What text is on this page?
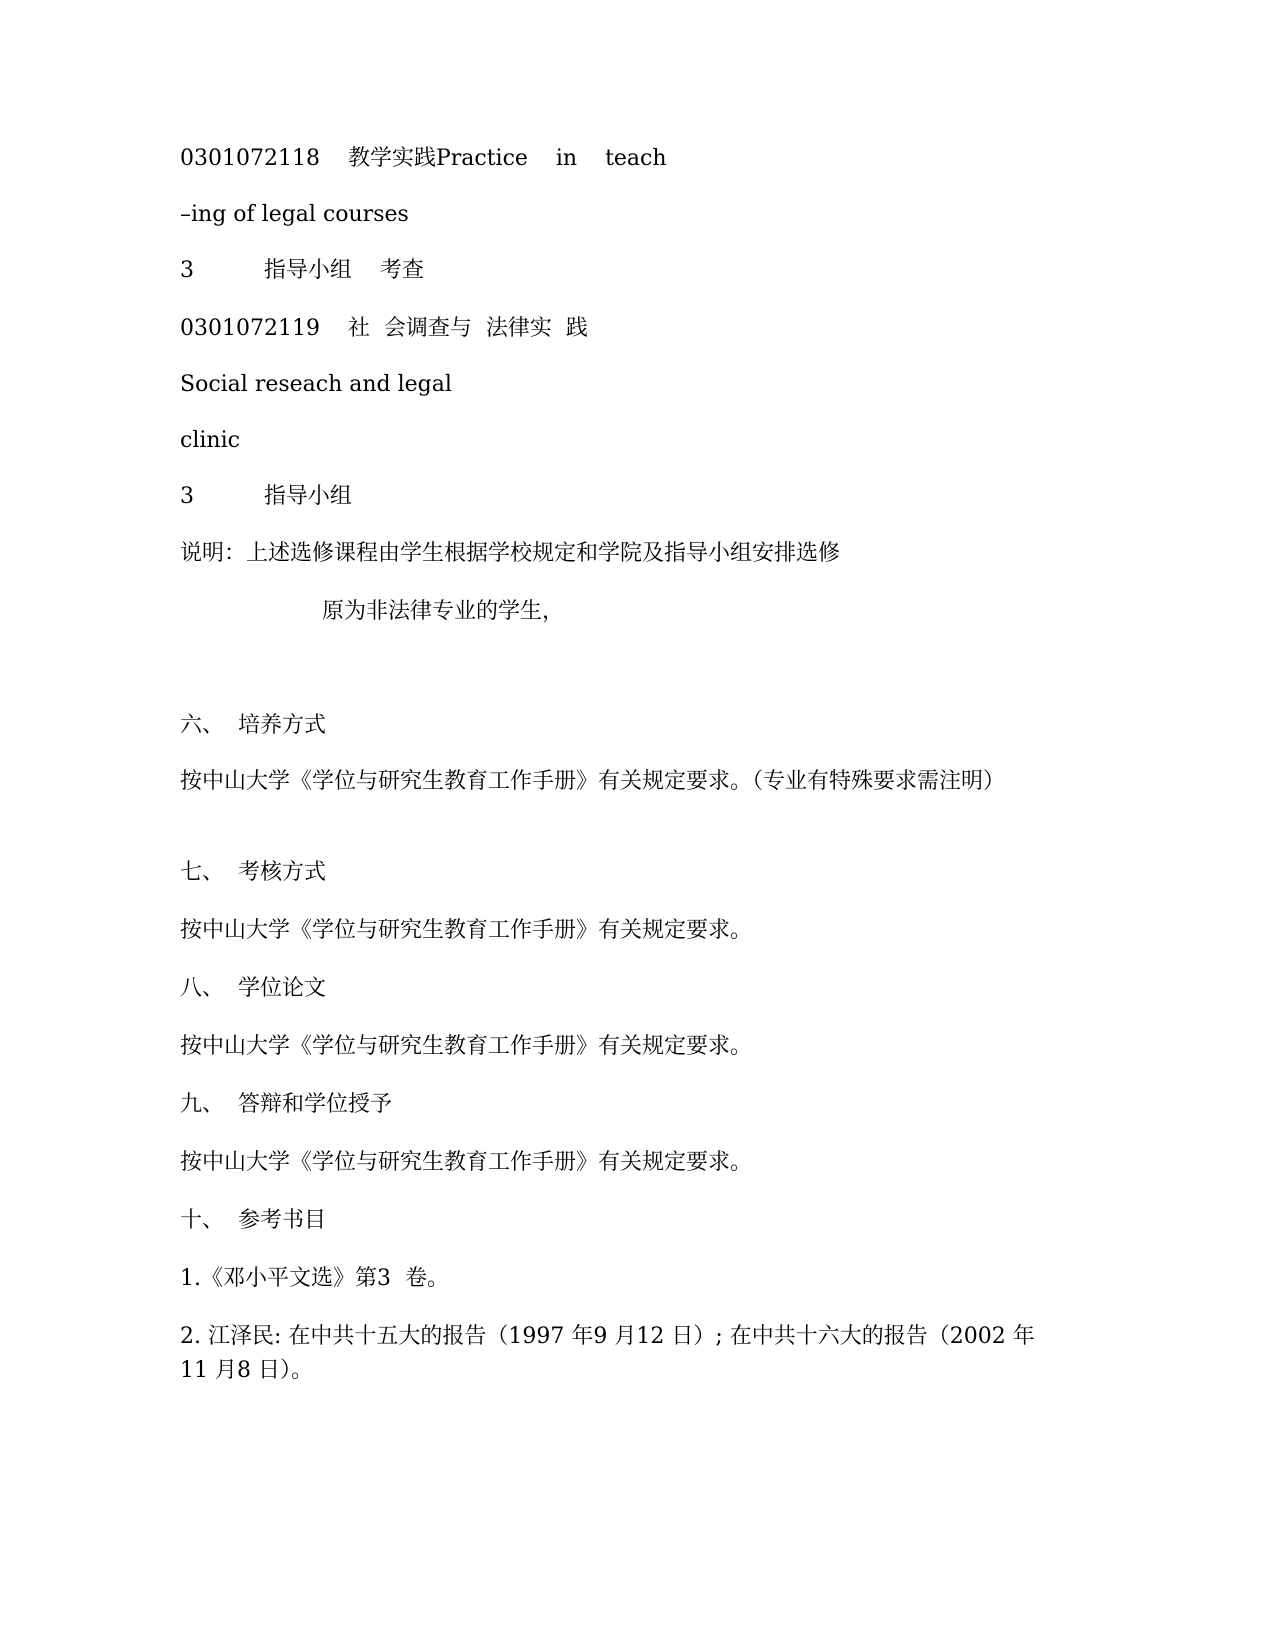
0301072118    教学实践Practice    in    teach
–ing of legal courses
3          指导小组    考查
0301072119    社  会调查与  法律实  践
Social reseach and legal
clinic
3          指导小组
说明：上述选修课程由学生根据学校规定和学院及指导小组安排选修
原为非法律专业的学生，
六、  培养方式
按中山大学《学位与研究生教育工作手册》有关规定要求。（专业有特殊要求需注明）
七、  考核方式
按中山大学《学位与研究生教育工作手册》有关规定要求。
八、  学位论文
按中山大学《学位与研究生教育工作手册》有关规定要求。
九、  答辩和学位授予
按中山大学《学位与研究生教育工作手册》有关规定要求。
十、  参考书目
1.《邓小平文选》第3  卷。
2. 江泽民: 在中共十五大的报告（1997 年9 月12 日）; 在中共十六大的报告（2002 年11 月8 日）。
